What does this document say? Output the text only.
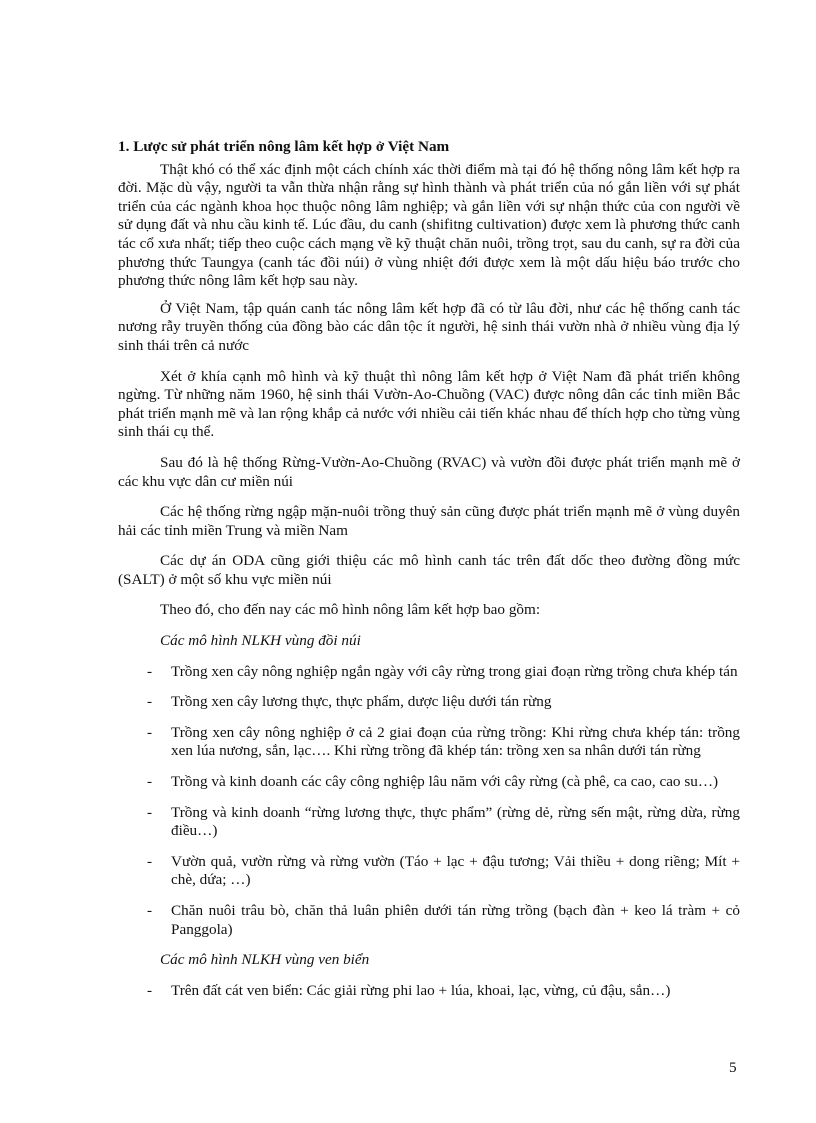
1. Lược sử phát triển nông lâm kết hợp ở Việt Nam

Thật khó có thể xác định một cách chính xác thời điểm mà tại đó hệ thống nông lâm kết hợp ra đời. Mặc dù vậy, người ta vẫn thừa nhận rằng sự hình thành và phát triển của nó gắn liền với sự phát triển của các ngành khoa học thuộc nông lâm nghiệp; và gắn liền với sự nhận thức của con người về sử dụng đất và nhu cầu kinh tế. Lúc đầu, du canh (shifitng cultivation) được xem là phương thức canh tác cổ xưa nhất; tiếp theo cuộc cách mạng về kỹ thuật chăn nuôi, trồng trọt, sau du canh, sự ra đời của phương thức Taungya (canh tác đồi núi) ở vùng nhiệt đới được xem là một dấu hiệu báo trước cho phương thức nông lâm kết hợp sau này.

Ở Việt Nam, tập quán canh tác nông lâm kết hợp đã có từ lâu đời, như các hệ thống canh tác nương rẫy truyền thống của đồng bào các dân tộc ít người, hệ sinh thái vườn nhà ở nhiều vùng địa lý sinh thái trên cả nước

Xét ở khía cạnh mô hình và kỹ thuật thì nông lâm kết hợp ở Việt Nam đã phát triển không ngừng. Từ những năm 1960, hệ sinh thái Vườn-Ao-Chuồng (VAC) được nông dân các tỉnh miền Bắc phát triển mạnh mẽ và lan rộng khắp cả nước với nhiều cải tiến khác nhau để thích hợp cho từng vùng sinh thái cụ thể.

Sau đó là hệ thống Rừng-Vườn-Ao-Chuồng (RVAC) và vườn đồi được phát triển mạnh mẽ ở các khu vực dân cư miền núi

Các hệ thống rừng ngập mặn-nuôi trồng thuỷ sản cũng được phát triển mạnh mẽ ở vùng duyên hải các tỉnh miền Trung và miền Nam

Các dự án ODA cũng giới thiệu các mô hình canh tác trên đất dốc theo đường đồng mức (SALT) ở một số khu vực miền núi

Theo đó, cho đến nay các mô hình nông lâm kết hợp bao gồm:

Các mô hình NLKH vùng đồi núi
- Trồng xen cây nông nghiệp ngắn ngày với cây rừng trong giai đoạn rừng trồng chưa khép tán
- Trồng xen cây lương thực, thực phẩm, dược liệu dưới tán rừng
- Trồng xen cây nông nghiệp ở cả 2 giai đoạn của rừng trồng: Khi rừng chưa khép tán: trồng xen lúa nương, sắn, lạc…. Khi rừng trồng đã khép tán: trồng xen sa nhân dưới tán rừng
- Trồng và kinh doanh các cây công nghiệp lâu năm với cây rừng (cà phê, ca cao, cao su…)
- Trồng và kinh doanh “rừng lương thực, thực phẩm” (rừng dẻ, rừng sến mật, rừng dừa, rừng điều…)
- Vườn quả, vườn rừng và rừng vườn (Táo + lạc + đậu tương; Vải thiều + dong riềng; Mít + chè, dứa; …)
- Chăn nuôi trâu bò, chăn thả luân phiên dưới tán rừng trồng (bạch đàn + keo lá tràm + cỏ Panggola)
Các mô hình NLKH vùng ven biển
- Trên đất cát ven biển: Các giải rừng phi lao + lúa, khoai, lạc, vừng, củ đậu, sắn…)
5
